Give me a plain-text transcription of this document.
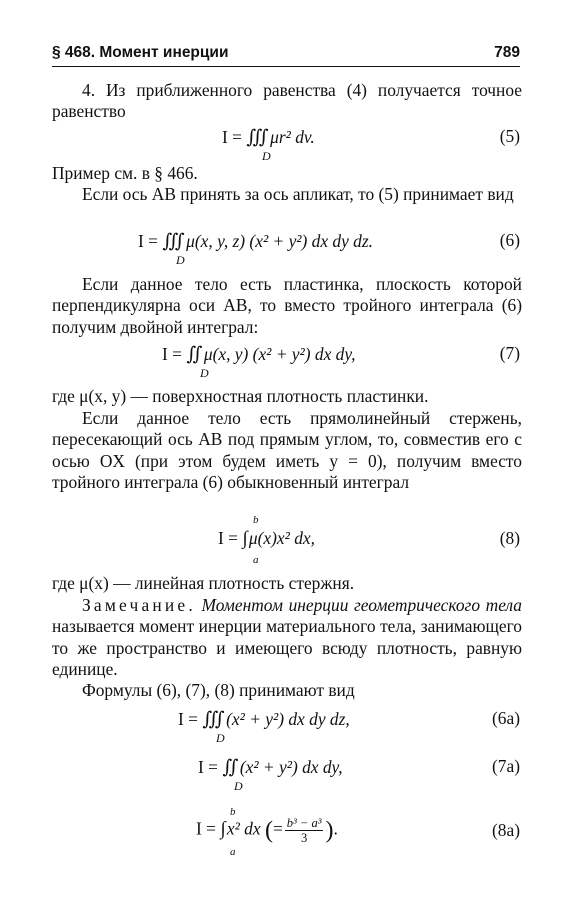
§ 468. Момент инерции	789
4. Из приближенного равенства (4) получается точное равенство
I = ∭ μr² dv.
D
(5)
Пример см. в § 466.
Если ось AB принять за ось апликат, то (5) принимает вид
I = ∭ μ(x, y, z) (x² + y²) dx dy dz.
D
(6)
Если данное тело есть пластинка, плоскость которой перпендикулярна оси AB, то вместо тройного интеграла (6) получим двойной интеграл:
I = ∬ μ(x, y) (x² + y²) dx dy,
D
(7)
где μ(x, y) — поверхностная плотность пластинки.
Если данное тело есть прямолинейный стержень, пересекающий ось AB под прямым углом, то, совместив его с осью OX (при этом будем иметь y = 0), получим вместо тройного интеграла (6) обыкновенный интеграл
b
I = ∫ μ(x)x² dx,
a
(8)
где μ(x) — линейная плотность стержня.
Замечание. Моментом инерции геометрического тела называется момент инерции материального тела, занимающего то же пространство и имеющего всюду плотность, равную единице.
Формулы (6), (7), (8) принимают вид
I = ∭ (x² + y²) dx dy dz,
D
(6a)
I = ∬ (x² + y²) dx dy,
D
(7a)
b
I = ∫ x² dx (= $\frac{\text{b³ − a³}}{3}$ ).
a
(8a)
